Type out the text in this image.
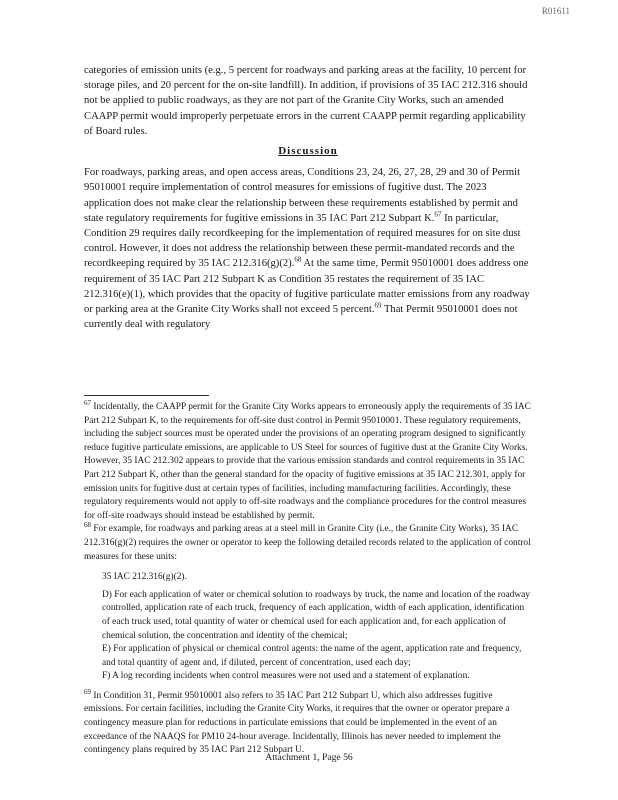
R01611

categories of emission units (e.g., 5 percent for roadways and parking areas at the facility, 10 percent for storage piles, and 20 percent for the on-site landfill). In addition, if provisions of 35 IAC 212.316 should not be applied to public roadways, as they are not part of the Granite City Works, such an amended CAAPP permit would improperly perpetuate errors in the current CAAPP permit regarding applicability of Board rules.

Discussion

For roadways, parking areas, and open access areas, Conditions 23, 24, 26, 27, 28, 29 and 30 of Permit 95010001 require implementation of control measures for emissions of fugitive dust. The 2023 application does not make clear the relationship between these requirements established by permit and state regulatory requirements for fugitive emissions in 35 IAC Part 212 Subpart K.$^{67}$ In particular, Condition 29 requires daily recordkeeping for the implementation of required measures for on site dust control. However, it does not address the relationship between these permit-mandated records and the recordkeeping required by 35 IAC 212.316(g)(2).$^{68}$ At the same time, Permit 95010001 does address one requirement of 35 IAC Part 212 Subpart K as Condition 35 restates the requirement of 35 IAC 212.316(e)(1), which provides that the opacity of fugitive particulate matter emissions from any roadway or parking area at the Granite City Works shall not exceed 5 percent.$^{69}$ That Permit 95010001 does not currently deal with regulatory

$^{67}$ Incidentally, the CAAPP permit for the Granite City Works appears to erroneously apply the requirements of 35 IAC Part 212 Subpart K, to the requirements for off-site dust control in Permit 95010001. These regulatory requirements, including the subject sources must be operated under the provisions of an operating program designed to significantly reduce fugitive particulate emissions, are applicable to US Steel for sources of fugitive dust at the Granite City Works. However, 35 IAC 212.302 appears to provide that the various emission standards and control requirements in 35 IAC Part 212 Subpart K, other than the general standard for the opacity of fugitive emissions at 35 IAC 212.301, apply for emission units for fugitive dust at certain types of facilities, including manufacturing facilities. Accordingly, these regulatory requirements would not apply to off-site roadways and the compliance procedures for the control measures for off-site roadways should instead be established by permit.

$^{68}$ For example, for roadways and parking areas at a steel mill in Granite City (i.e., the Granite City Works), 35 IAC 212.316(g)(2) requires the owner or operator to keep the following detailed records related to the application of control measures for these units:

35 IAC 212.316(g)(2).

D) For each application of water or chemical solution to roadways by truck, the name and location of the roadway controlled, application rate of each truck, frequency of each application, width of each application, identification of each truck used, total quantity of water or chemical used for each application and, for each application of chemical solution, the concentration and identity of the chemical;

E) For application of physical or chemical control agents: the name of the agent, application rate and frequency, and total quantity of agent and, if diluted, percent of concentration, used each day;

F) A log recording incidents when control measures were not used and a statement of explanation.

$^{69}$ In Condition 31, Permit 95010001 also refers to 35 IAC Part 212 Subpart U, which also addresses fugitive emissions. For certain facilities, including the Granite City Works, it requires that the owner or operator prepare a contingency measure plan for reductions in particulate emissions that could be implemented in the event of an exceedance of the NAAQS for PM10 24-hour average. Incidentally, Illinois has never needed to implement the contingency plans required by 35 IAC Part 212 Subpart U.

Attachment 1, Page 56
